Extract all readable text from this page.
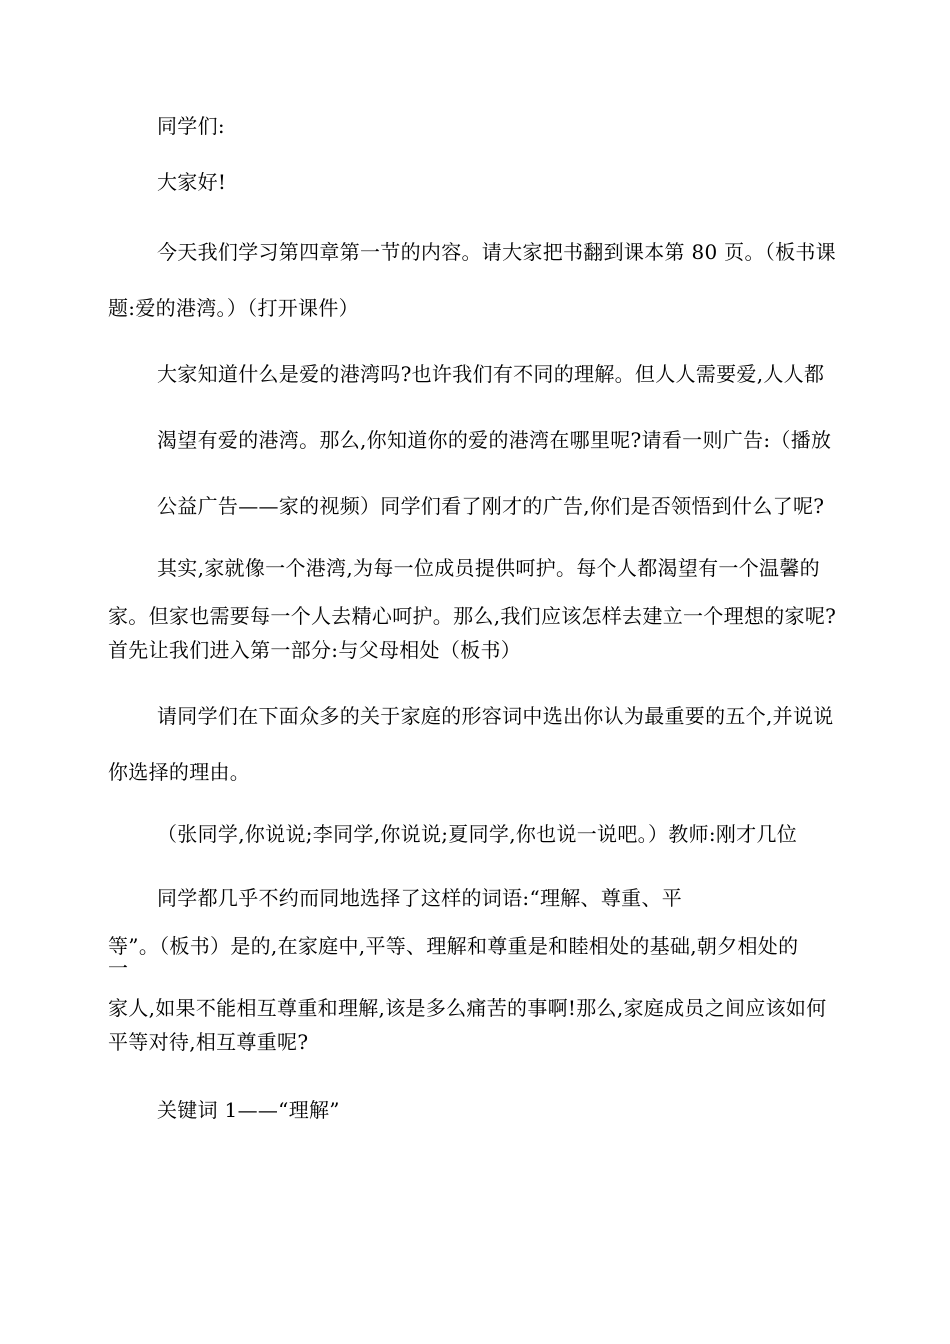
同学们:
大家好!
今天我们学习第四章第一节的内容。请大家把书翻到课本第 80 页。（板书课
题:爱的港湾。）（打开课件）
大家知道什么是爱的港湾吗?也许我们有不同的理解。但人人需要爱,人人都
渴望有爱的港湾。那么,你知道你的爱的港湾在哪里呢?请看一则广告:（播放
公益广告——家的视频）同学们看了刚才的广告,你们是否领悟到什么了呢?
其实,家就像一个港湾,为每一位成员提供呵护。每个人都渴望有一个温馨的
家。但家也需要每一个人去精心呵护。那么,我们应该怎样去建立一个理想的家呢?
首先让我们进入第一部分:与父母相处（板书）
请同学们在下面众多的关于家庭的形容词中选出你认为最重要的五个,并说说
你选择的理由。
（张同学,你说说;李同学,你说说;夏同学,你也说一说吧。）教师:刚才几位
同学都几乎不约而同地选择了这样的词语:“理解、尊重、平
等”。（板书）是的,在家庭中,平等、理解和尊重是和睦相处的基础,朝夕相处的
一
家人,如果不能相互尊重和理解,该是多么痛苦的事啊!那么,家庭成员之间应该如何
平等对待,相互尊重呢?
关键词 1——“理解”
